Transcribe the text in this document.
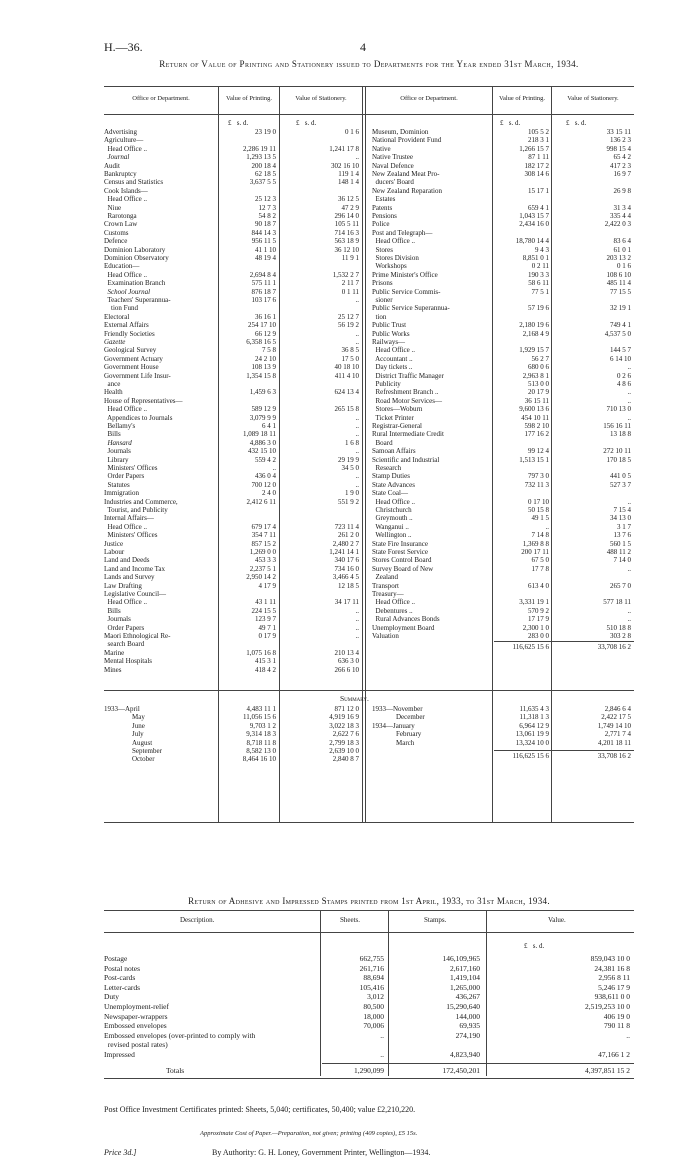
H.—36.	4
Return of Value of Printing and Stationery issued to Departments for the Year ended 31st March, 1934.
Office or Department.	Value of Printing.	Value of Stationery.	Office or Department.	Value of Printing.	Value of Stationery.
£   s. d.	£   s. d.	£   s. d.	£   s. d.
Advertising	23 19 0	0 1 6
Agriculture—
Head Office ..	2,286 19 11	1,241 17 8
Journal	1,293 13 5	..
Audit	200 18 4	302 16 10
Bankruptcy	62 18 5	119 1 4
Census and Statistics	3,637 5 5	148 1 4
Cook Islands—
Head Office ..	25 12 3	36 12 5
Niue	12 7 3	47 2 9
Rarotonga	54 8 2	296 14 0
Crown Law	90 18 7	105 5 11
Customs	844 14 3	714 16 3
Defence	956 11 5	563 18 9
Dominion Laboratory	41 1 10	36 12 10
Dominion Observatory	48 19 4	11 9 1
Education—
Head Office ..	2,694 8 4	1,532 2 7
Examination Branch	575 11 1	2 11 7
School Journal	876 18 7	0 1 11
Teachers' Superannua-	103 17 6	..
tion Fund
Electoral	36 16 1	25 12 7
External Affairs	254 17 10	56 19 2
Friendly Societies	66 12 9	..
Gazette	6,358 16 5	..
Geological Survey	7 5 8	36 8 5
Government Actuary	24 2 10	17 5 0
Government House	108 13 9	40 18 10
Government Life Insur-	1,354 15 8	411 4 10
ance
Health	1,459 6 3	624 13 4
House of Representatives—
Head Office ..	589 12 9	265 15 8
Appendices to Journals	3,079 9 9	..
Bellamy's	6 4 1	..
Bills	1,089 18 11	..
Hansard	4,886 3 0	1 6 8
Journals	432 15 10	..
Library	559 4 2	29 19 9
Ministers' Offices	..	34 5 0
Order Papers	436 0 4	..
Statutes	700 12 0	..
Immigration	2 4 0	1 9 0
Industries and Commerce,	2,412 6 11	551 9 2
Tourist, and Publicity
Internal Affairs—
Head Office ..	679 17 4	723 11 4
Ministers' Offices	354 7 11	261 2 0
Justice	857 15 2	2,480 2 7
Labour	1,269 0 0	1,241 14 1
Land and Deeds	453 3 3	340 17 6
Land and Income Tax	2,237 5 1	734 16 0
Lands and Survey	2,950 14 2	3,466 4 5
Law Drafting	4 17 9	12 18 5
Legislative Council—
Head Office ..	43 1 11	34 17 11
Bills	224 15 5	..
Journals	123 9 7	..
Order Papers	49 7 1	..
Maori Ethnological Re-	0 17 9	..
search Board
Marine	1,075 16 8	210 13 4
Mental Hospitals	415 3 1	636 3 0
Mines	418 4 2	266 6 10
Museum, Dominion	105 5 2	33 15 11
National Provident Fund	218 3 1	136 2 3
Native	1,266 15 7	998 15 4
Native Trustee	87 1 11	65 4 2
Naval Defence	182 17 2	417 2 3
New Zealand Meat Pro-	308 14 6	16 9 7
ducers' Board
New Zealand Reparation	15 17 1	26 9 8
Estates
Patents	659 4 1	31 3 4
Pensions	1,043 15 7	335 4 4
Police	2,434 16 0	2,422 0 3
Post and Telegraph—
Head Office ..	18,780 14 4	83 6 4
Stores	9 4 3	61 0 1
Stores Division	8,851 0 1	203 13 2
Workshops	0 2 11	0 1 6
Prime Minister's Office	190 3 3	108 6 10
Prisons	58 6 11	485 11 4
Public Service Commis-	77 5 1	77 15 5
sioner
Public Service Superannua-	57 19 6	32 19 1
tion
Public Trust	2,180 19 6	749 4 1
Public Works	2,168 4 9	4,537 5 0
Railways—
Head Office ..	1,929 15 7	144 5 7
Accountant ..	56 2 7	6 14 10
Day tickets ..	680 0 6	..
District Traffic Manager	2,963 8 1	0 2 6
Publicity	513 0 0	4 8 6
Refreshment Branch ..	20 17 9	..
Road Motor Services—	36 15 11	..
Stores—Woburn	9,600 13 6	710 13 0
Ticket Printer	454 10 11	..
Registrar-General	598 2 10	156 16 11
Rural Intermediate Credit	177 16 2	13 18 8
Board
Samoan Affairs	99 12 4	272 10 11
Scientific and Industrial	1,513 15 1	170 18 5
Research
Stamp Duties	797 3 0	441 0 5
State Advances	732 11 3	527 3 7
State Coal—
Head Office ..	0 17 10	..
Christchurch	50 15 8	7 15 4
Greymouth ..	49 1 5	34 13 0
Wanganui ..	..	3 1 7
Wellington ..	7 14 8	13 7 6
State Fire Insurance	1,369 8 8	560 1 5
State Forest Service	200 17 11	488 11 2
Stores Control Board	67 5 0	7 14 0
Survey Board of New	17 7 8	..
Zealand
Transport	613 4 0	265 7 0
Treasury—
Head Office ..	3,331 19 1	577 18 11
Debentures ..	570 9 2	..
Rural Advances Bonds	17 17 9	..
Unemployment Board	2,300 1 0	510 18 8
Valuation	283 0 0	303 2 8
116,625 15 6	33,708 16 2
Summary.
1933—April	4,483 11 1	871 12 0
May	11,056 15 6	4,919 16 9
June	9,703 1 2	3,022 18 3
July	9,314 18 3	2,622 7 6
August	8,718 11 8	2,799 18 3
September	8,582 13 0	2,639 10 0
October	8,464 16 10	2,840 8 7
1933—November	11,635 4 3	2,846 6 4
December	11,318 1 3	2,422 17 5
1934—January	6,964 12 9	1,749 14 10
February	13,061 19 9	2,771 7 4
March	13,324 10 0	4,201 18 11
116,625 15 6	33,708 16 2
Description.	Sheets.	Stamps.	Value.
£   s. d.
Postage	662,755	146,109,965	859,043 10 0
Postal notes	261,716	2,617,160	24,381 16 8
Post-cards	88,694	1,419,104	2,956 8 11
Letter-cards	105,416	1,265,000	5,246 17 9
Duty	3,012	436,267	938,611 0 0
Unemployment-relief	80,500	15,290,640	2,519,253 10 0
Newspaper-wrappers	18,000	144,000	406 19 0
Embossed envelopes	70,006	69,935	790 11 8
Embossed envelopes (over-printed to comply with	..	274,190	..
revised postal rates)
Impressed	..	4,823,940	47,166 1 2
Totals	1,290,099	172,450,201	4,397,851 15 2
Return of Adhesive and Impressed Stamps printed from 1st April, 1933, to 31st March, 1934.
Post Office Investment Certificates printed: Sheets, 5,040; certificates, 50,400; value £2,210,220.
Approximate Cost of Paper.—Preparation, not given; printing (409 copies), £5 15s.
Price 3d.]	By Authority: G. H. Loney, Government Printer, Wellington—1934.
